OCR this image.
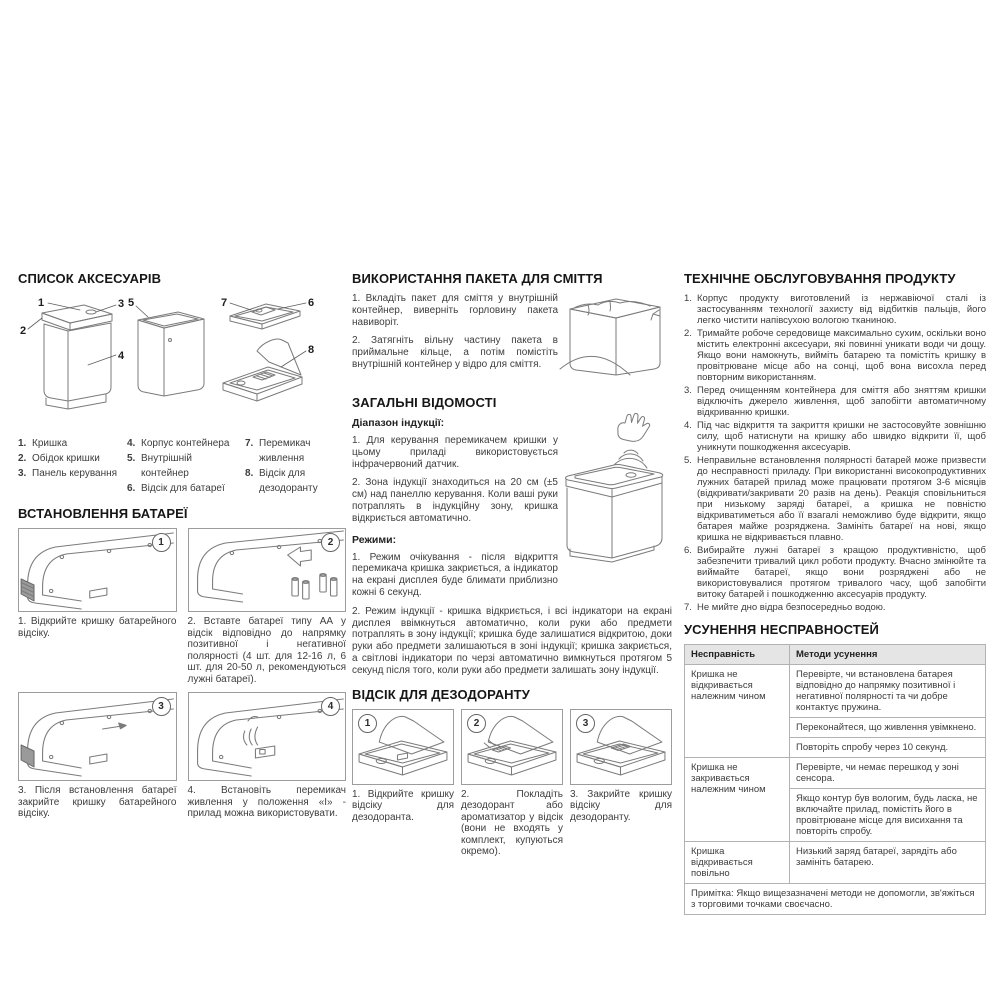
СПИСОК АКСЕСУАРІВ
1
2
3
4
5	6
7
8
1. Кришка
2. Обідок кришки
3. Панель керування
4. Корпус контейнера
5. Внутрішній контейнер
6. Відсік для батареї
7. Перемикач живлення
8. Відсік для дезодоранту
ВСТАНОВЛЕННЯ БАТАРЕЇ
1
1. Відкрийте кришку батарейного відсіку.
2
2. Вставте батареї типу АА у відсік відповідно до напрямку позитивної і негативної полярності (4 шт. для 12-16 л, 6 шт. для 20-50 л, рекомендуються лужні батареї).
3
3. Після встановлення батареї закрийте кришку батарейного відсіку.
4
4. Встановіть перемикач живлення у положення «I» - прилад можна використовувати.
ВИКОРИСТАННЯ ПАКЕТА ДЛЯ СМІТТЯ

1. Вкладіть пакет для сміття у внутрішній контейнер, виверніть горловину пакета навиворіт.

2. Затягніть вільну частину пакета в приймальне кільце, а потім помістіть внутрішній контейнер у відро для сміття.

ЗАГАЛЬНІ ВІДОМОСТІ

Діапазон індукції:

1. Для керування перемикачем кришки у цьому приладі використовується інфрачервоний датчик.

2. Зона індукції знаходиться на 20 см (±5 см) над панеллю керування. Коли ваші руки потраплять в індукційну зону, кришка відкриється автоматично.

Режими:

1. Режим очікування - після відкриття перемикача кришка закриється, а індикатор на екрані дисплея буде блимати приблизно кожні 6 секунд.

2. Режим індукції - кришка відкриється, і всі індикатори на екрані дисплея ввімкнуться автоматично, коли руки або предмети потраплять в зону індукції; кришка буде залишатися відкритою, доки руки або предмети залишаються в зоні індукції; кришка закриється, а світлові індикатори по черзі автоматично вимкнуться протягом 5 секунд після того, коли руки або предмети залишать зону індукції.

ВІДСІК ДЛЯ ДЕЗОДОРАНТУ
1
1. Відкрийте кришку відсіку для дезодоранта.
2
2. Покладіть дезодорант або ароматизатор у відсік (вони не входять у комплект, купуються окремо).
3
3. Закрийте кришку відсіку для дезодоранту.
ТЕХНІЧНЕ ОБСЛУГОВУВАННЯ ПРОДУКТУ
1. Корпус продукту виготовлений із нержавіючої сталі із застосуванням технології захисту від відбитків пальців, його легко чистити напівсухою вологою тканиною.
2. Тримайте робоче середовище максимально сухим, оскільки воно містить електронні аксесуари, які повинні уникати води чи дощу. Якщо вони намокнуть, вийміть батарею та помістіть кришку в провітрюване місце або на сонці, щоб вона висохла перед повторним використанням.
3. Перед очищенням контейнера для сміття або зняттям кришки відключіть джерело живлення, щоб запобігти автоматичному відкриванню кришки.
4. Під час відкриття та закриття кришки не застосовуйте зовнішню силу, щоб натиснути на кришку або швидко відкрити її, щоб уникнути пошкодження аксесуарів.
5. Неправильне встановлення полярності батарей може призвести до несправності приладу. При використанні високопродуктивних лужних батарей прилад може працювати протягом 3-6 місяців (відкривати/закривати 20 разів на день). Реакція сповільниться при низькому заряді батареї, а кришка не повністю відкриватиметься або її взагалі неможливо буде відкрити, якщо батарея майже розряджена. Замініть батареї на нові, якщо кришка не відкривається плавно.
6. Вибирайте лужні батареї з кращою продуктивністю, щоб забезпечити тривалий цикл роботи продукту. Вчасно змінюйте та виймайте батареї, якщо вони розряджені або не використовувалися протягом тривалого часу, щоб запобігти витоку батарей і пошкодженню аксесуарів продукту.
7. Не мийте дно відра безпосередньо водою.
УСУНЕННЯ НЕСПРАВНОСТЕЙ
Несправність	Методи усунення
Кришка не відкривається належним чином
Перевірте, чи встановлена батарея відповідно до напрямку позитивної і негативної полярності та чи добре контактує пружина.
Переконайтеся, що живлення увімкнено.
Повторіть спробу через 10 секунд.
Кришка не закривається належним чином
Перевірте, чи немає перешкод у зоні сенсора.
Якщо контур був вологим, будь ласка, не включайте прилад, помістіть його в провітрюване місце для висихання та повторіть спробу.
Кришка відкривається повільно
Низький заряд батареї, зарядіть або замініть батарею.
Примітка: Якщо вищезазначені методи не допомогли, зв'яжіться з торговими точками своєчасно.
